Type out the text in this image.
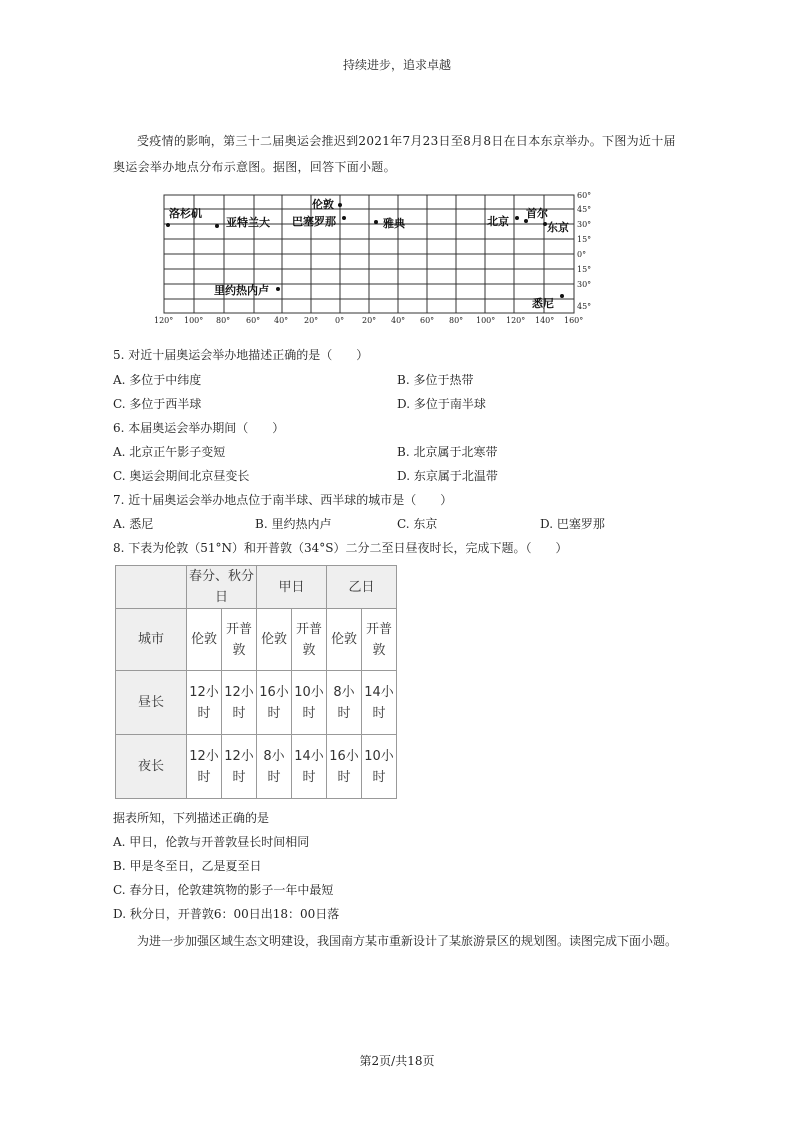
持续进步，追求卓越
受疫情的影响，第三十二届奥运会推迟到2021年7月23日至8月8日在日本东京举办。下图为近十届奥运会举办地点分布示意图。据图，回答下面小题。
60°
45°
30°
15°
0°
15°
30°
45°
120° 100° 80° 60° 40° 20° 0° 20° 40° 60° 80° 100° 120° 140° 160°
洛杉矶
亚特兰大 巴塞罗那
伦敦
雅典	北京
首尔
东京
里约热内卢
悉尼
5. 对近十届奥运会举办地描述正确的是（　　）
A. 多位于中纬度	B. 多位于热带
C. 多位于西半球	D. 多位于南半球
6. 本届奥运会举办期间（　　）
A. 北京正午影子变短	B. 北京属于北寒带
C. 奥运会期间北京昼变长	D. 东京属于北温带
7. 近十届奥运会举办地点位于南半球、西半球的城市是（　　）
A. 悉尼	B. 里约热内卢	C. 东京	D. 巴塞罗那
8. 下表为伦敦（51°N）和开普敦（34°S）二分二至日昼夜时长，完成下题。（　　）
	春分、秋分日		甲日		乙日	
城市	伦敦	开普敦	伦敦	开普敦	伦敦	开普敦
昼长	12小时	12小时	16小时	10小时	8小时	14小时
夜长	12小时	12小时	8小时	14小时	16小时	10小时
据表所知，下列描述正确的是
A. 甲日，伦敦与开普敦昼长时间相同
B. 甲是冬至日，乙是夏至日
C. 春分日，伦敦建筑物的影子一年中最短
D. 秋分日，开普敦6：00日出18：00日落
为进一步加强区域生态文明建设，我国南方某市重新设计了某旅游景区的规划图。读图完成下面小题。
第2页/共18页
